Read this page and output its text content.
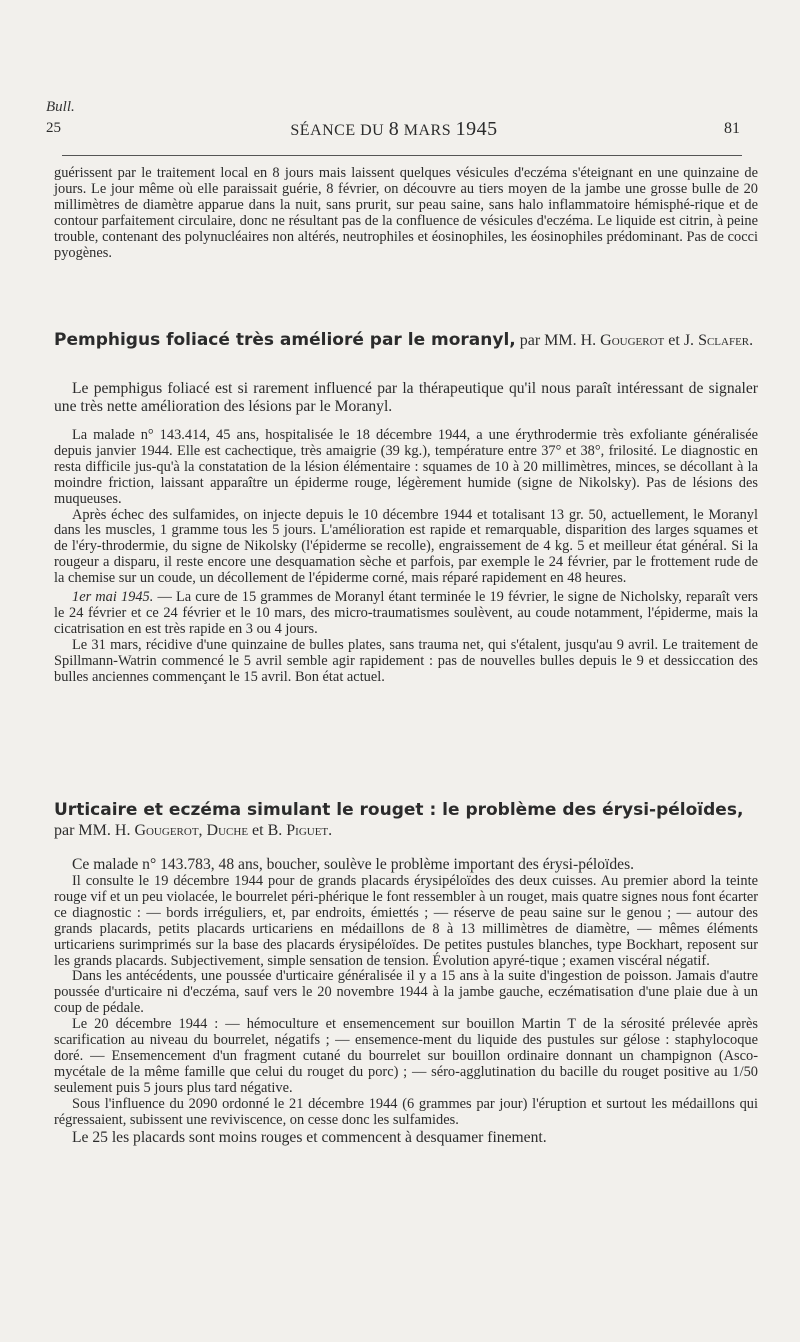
Bull.
25	SÉANCE DU 8 MARS 1945	81

guérissent par le traitement local en 8 jours mais laissent quelques vésicules d'eczéma s'éteignant en une quinzaine de jours. Le jour même où elle paraissait guérie, 8 février, on découvre au tiers moyen de la jambe une grosse bulle de 20 millimètres de diamètre apparue dans la nuit, sans prurit, sur peau saine, sans halo inflammatoire hémisphé-rique et de contour parfaitement circulaire, donc ne résultant pas de la confluence de vésicules d'eczéma. Le liquide est citrin, à peine trouble, contenant des polynucléaires non altérés, neutrophiles et éosinophiles, les éosinophiles prédominant. Pas de cocci pyogènes.

Pemphigus foliacé très amélioré par le moranyl, par MM. H. Gougerot et J. Sclafer.

Le pemphigus foliacé est si rarement influencé par la thérapeutique qu'il nous paraît intéressant de signaler une très nette amélioration des lésions par le Moranyl.

La malade n° 143.414, 45 ans, hospitalisée le 18 décembre 1944, a une érythrodermie très exfoliante généralisée depuis janvier 1944. Elle est cachectique, très amaigrie (39 kg.), température entre 37° et 38°, frilosité. Le diagnostic en resta difficile jus-qu'à la constatation de la lésion élémentaire : squames de 10 à 20 millimètres, minces, se décollant à la moindre friction, laissant apparaître un épiderme rouge, légèrement humide (signe de Nikolsky). Pas de lésions des muqueuses.

Après échec des sulfamides, on injecte depuis le 10 décembre 1944 et totalisant 13 gr. 50, actuellement, le Moranyl dans les muscles, 1 gramme tous les 5 jours. L'amélioration est rapide et remarquable, disparition des larges squames et de l'éry-throdermie, du signe de Nikolsky (l'épiderme se recolle), engraissement de 4 kg. 5 et meilleur état général. Si la rougeur a disparu, il reste encore une desquamation sèche et parfois, par exemple le 24 février, par le frottement rude de la chemise sur un coude, un décollement de l'épiderme corné, mais réparé rapidement en 48 heures.

1er mai 1945. — La cure de 15 grammes de Moranyl étant terminée le 19 février, le signe de Nicholsky, reparaît vers le 24 février et ce 24 février et le 10 mars, des micro-traumatismes soulèvent, au coude notamment, l'épiderme, mais la cicatrisation en est très rapide en 3 ou 4 jours.

Le 31 mars, récidive d'une quinzaine de bulles plates, sans trauma net, qui s'étalent, jusqu'au 9 avril. Le traitement de Spillmann-Watrin commencé le 5 avril semble agir rapidement : pas de nouvelles bulles depuis le 9 et dessiccation des bulles anciennes commençant le 15 avril. Bon état actuel.

Urticaire et eczéma simulant le rouget : le problème des érysi-péloïdes, par MM. H. Gougerot, Duche et B. Piguet.

Ce malade n° 143.783, 48 ans, boucher, soulève le problème important des érysi-péloïdes.

Il consulte le 19 décembre 1944 pour de grands placards érysipéloïdes des deux cuisses. Au premier abord la teinte rouge vif et un peu violacée, le bourrelet péri-phérique le font ressembler à un rouget, mais quatre signes nous font écarter ce diagnostic : — bords irréguliers, et, par endroits, émiettés ; — réserve de peau saine sur le genou ; — autour des grands placards, petits placards urticariens en médaillons de 8 à 13 millimètres de diamètre, — mêmes éléments urticariens surimprimés sur la base des placards érysipéloïdes. De petites pustules blanches, type Bockhart, reposent sur les grands placards. Subjectivement, simple sensation de tension. Évolution apyré-tique ; examen viscéral négatif.

Dans les antécédents, une poussée d'urticaire généralisée il y a 15 ans à la suite d'ingestion de poisson. Jamais d'autre poussée d'urticaire ni d'eczéma, sauf vers le 20 novembre 1944 à la jambe gauche, eczématisation d'une plaie due à un coup de pédale.

Le 20 décembre 1944 : — hémoculture et ensemencement sur bouillon Martin T de la sérosité prélevée après scarification au niveau du bourrelet, négatifs ; — ensemence-ment du liquide des pustules sur gélose : staphylocoque doré. — Ensemencement d'un fragment cutané du bourrelet sur bouillon ordinaire donnant un champignon (Asco-mycétale de la même famille que celui du rouget du porc) ; — séro-agglutination du bacille du rouget positive au 1/50 seulement puis 5 jours plus tard négative.

Sous l'influence du 2090 ordonné le 21 décembre 1944 (6 grammes par jour) l'éruption et surtout les médaillons qui régressaient, subissent une reviviscence, on cesse donc les sulfamides.

Le 25 les placards sont moins rouges et commencent à desquamer finement.
